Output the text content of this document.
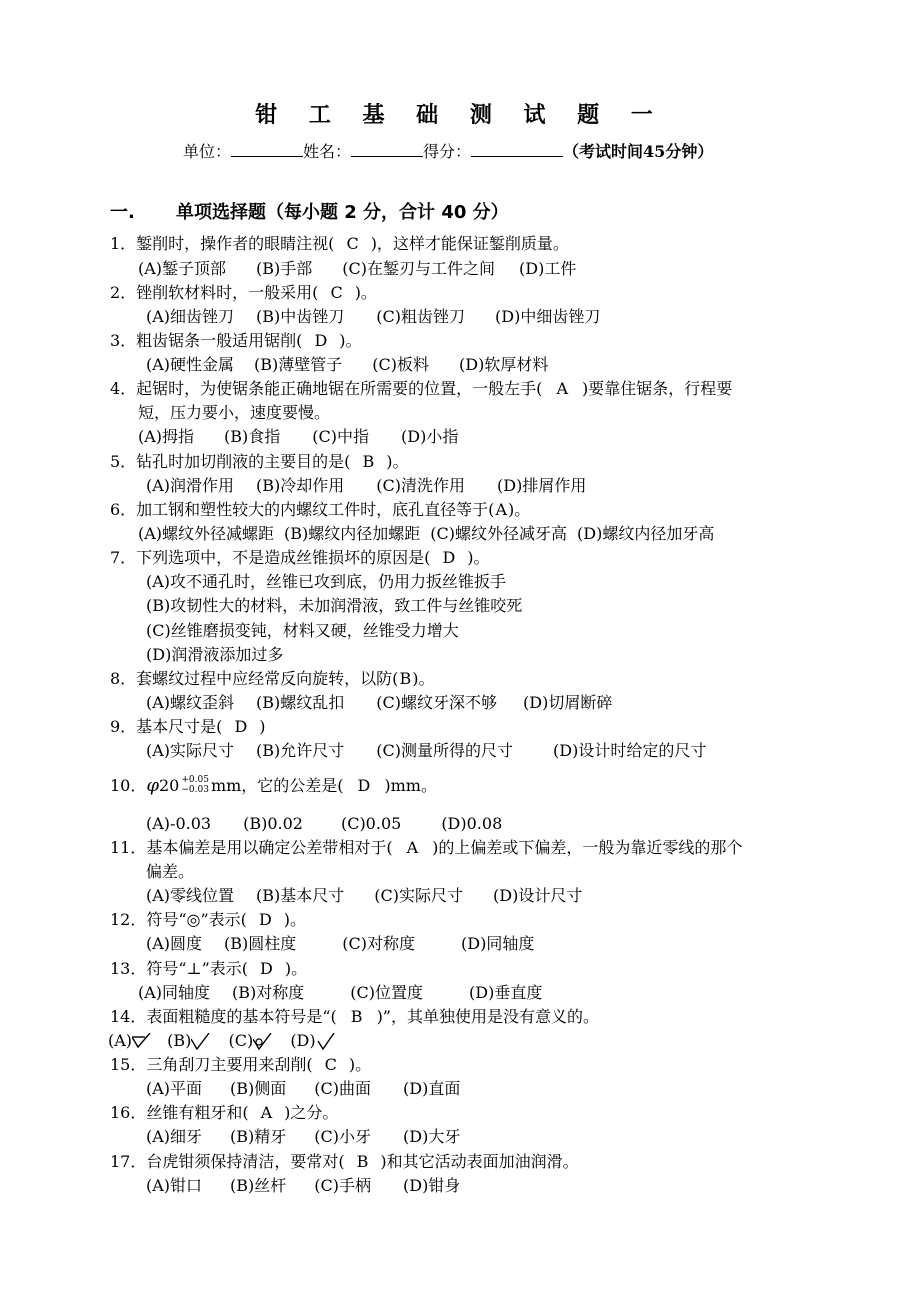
钳 工 基 础 测 试 题 一
单位：	姓名：	得分：	（考试时间45分钟）
一. 单项选择题（每小题 2 分，合计 40 分）
1．錾削时，操作者的眼睛注视( C )，这样才能保证錾削质量。
(A)錾子顶部 (B)手部 (C)在錾刃与工件之间 (D)工件
2．锉削软材料时，一般采用( C )。
(A)细齿锉刀 (B)中齿锉刀 (C)粗齿锉刀 (D)中细齿锉刀
3．粗齿锯条一般适用锯削( D )。
(A)硬性金属 (B)薄壁管子 (C)板料 (D)软厚材料
4．起锯时，为使锯条能正确地锯在所需要的位置，一般左手( A )要靠住锯条，行程要
短，压力要小，速度要慢。
(A)拇指 (B)食指 (C)中指 (D)小指
5．钻孔时加切削液的主要目的是( B )。
(A)润滑作用 (B)冷却作用 (C)清洗作用 (D)排屑作用
6．加工钢和塑性较大的内螺纹工件时，底孔直径等于(A)。
(A)螺纹外径减螺距 (B)螺纹内径加螺距 (C)螺纹外径减牙高 (D)螺纹内径加牙高
7．下列选项中，不是造成丝锥损坏的原因是( D )。
(A)攻不通孔时，丝锥已攻到底，仍用力扳丝锥扳手
(B)攻韧性大的材料，未加润滑液，致工件与丝锥咬死
(C)丝锥磨损变钝，材料又硬，丝锥受力增大
(D)润滑液添加过多
8．套螺纹过程中应经常反向旋转，以防(B)。
(A)螺纹歪斜 (B)螺纹乱扣 (C)螺纹牙深不够 (D)切屑断碎
9．基本尺寸是( D )
(A)实际尺寸 (B)允许尺寸 (C)测量所得的尺寸	(D)设计时给定的尺寸
10．φ20 +0.05
−0.03 mm，它的公差是( D )mm。
(A)-0.03 (B)0.02 (C)0.05	(D)0.08
11．基本偏差是用以确定公差带相对于( A )的上偏差或下偏差，一般为靠近零线的那个
偏差。
(A)零线位置 (B)基本尺寸 (C)实际尺寸 (D)设计尺寸
12．符号“◎”表示( D )。
(A)圆度 (B)圆柱度	(C)对称度	(D)同轴度
13．符号“⊥”表示( D )。
(A)同轴度 (B)对称度	(C)位置度	(D)垂直度
14．表面粗糙度的基本符号是“( B )”，其单独使用是没有意义的。
(A) (B) (C) (D)
15．三角刮刀主要用来刮削( C )。
(A)平面 (B)侧面 (C)曲面 (D)直面
16．丝锥有粗牙和( A )之分。
(A)细牙 (B)精牙 (C)小牙 (D)大牙
17．台虎钳须保持清洁，要常对( B )和其它活动表面加油润滑。
(A)钳口 (B)丝杆 (C)手柄 (D)钳身
